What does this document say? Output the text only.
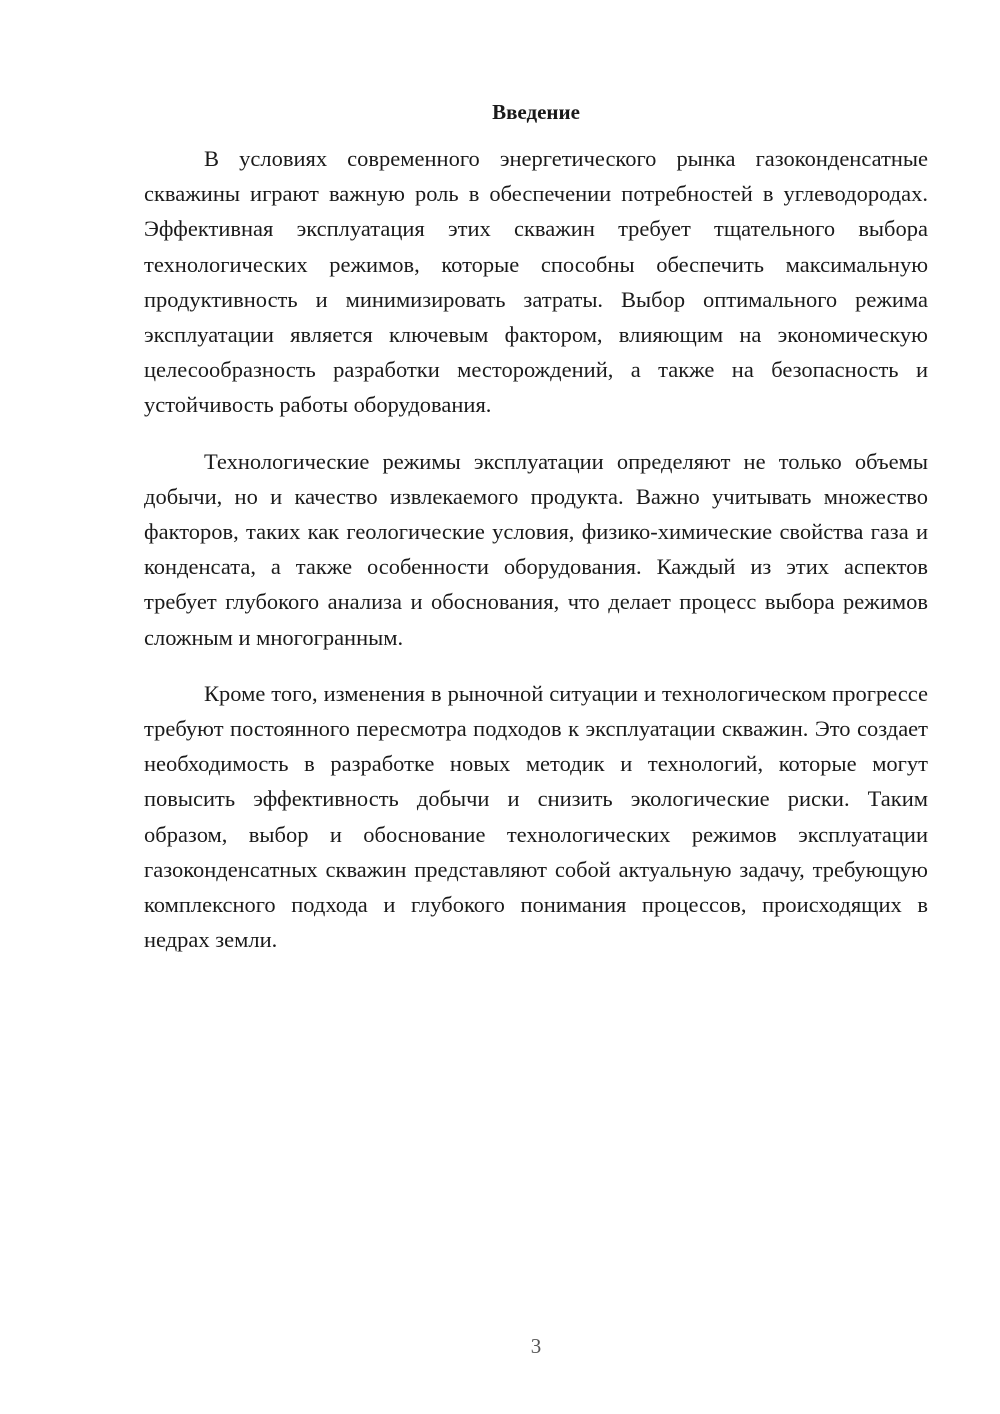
Введение

В условиях современного энергетического рынка газоконденсатные скважины играют важную роль в обеспечении потребностей в углеводородах. Эффективная эксплуатация этих скважин требует тщательного выбора технологических режимов, которые способны обеспечить максимальную продуктивность и минимизировать затраты. Выбор оптимального режима эксплуатации является ключевым фактором, влияющим на экономическую целесообразность разработки месторождений, а также на безопасность и устойчивость работы оборудования.

Технологические режимы эксплуатации определяют не только объемы добычи, но и качество извлекаемого продукта. Важно учитывать множество факторов, таких как геологические условия, физико-химические свойства газа и конденсата, а также особенности оборудования. Каждый из этих аспектов требует глубокого анализа и обоснования, что делает процесс выбора режимов сложным и многогранным.

Кроме того, изменения в рыночной ситуации и технологическом прогрессе требуют постоянного пересмотра подходов к эксплуатации скважин. Это создает необходимость в разработке новых методик и технологий, которые могут повысить эффективность добычи и снизить экологические риски. Таким образом, выбор и обоснование технологических режимов эксплуатации газоконденсатных скважин представляют собой актуальную задачу, требующую комплексного подхода и глубокого понимания процессов, происходящих в недрах земли.

3
